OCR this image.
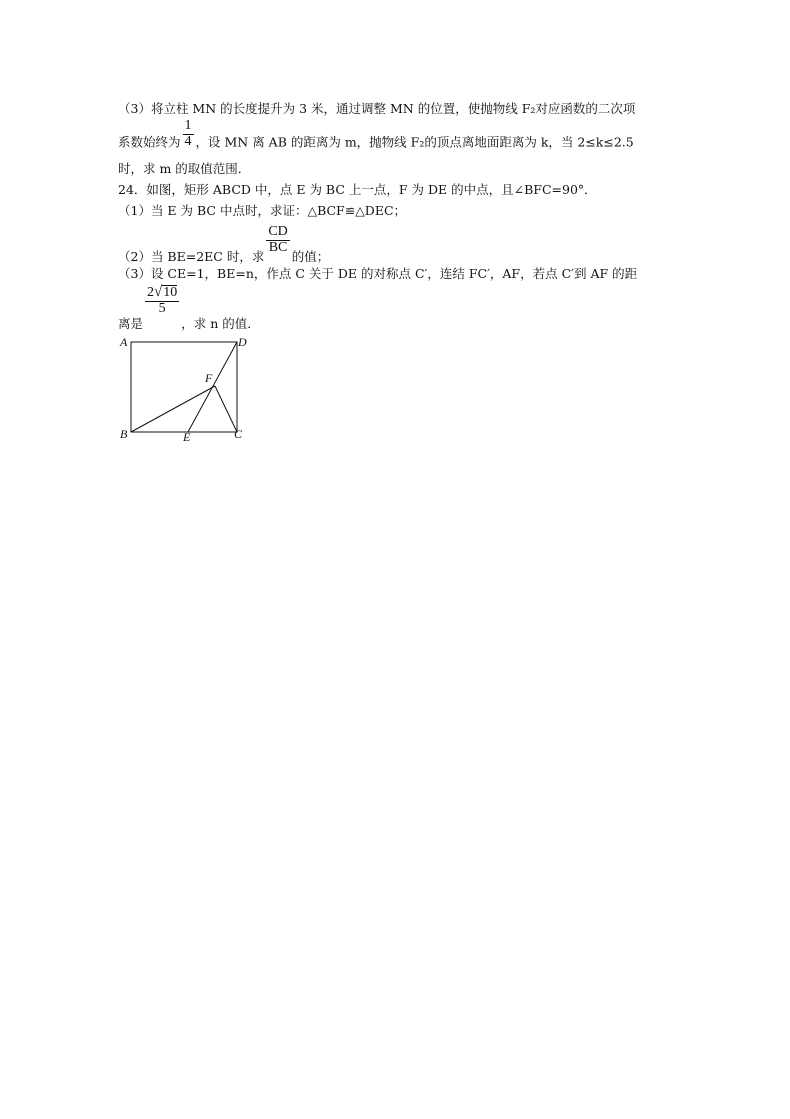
（3）将立柱 MN 的长度提升为 3 米，通过调整 MN 的位置，使抛物线 F₂对应函数的二次项
系数始终为 $\frac{1}{4}$ ，设 MN 离 AB 的距离为 m，抛物线 F₂的顶点离地面距离为 k，当 2≤k≤2.5
时，求 m 的取值范围．
24．如图，矩形 ABCD 中，点 E 为 BC 上一点，F 为 DE 的中点，且∠BFC=90°．
（1）当 E 为 BC 中点时，求证：△BCF≌△DEC；
（2）当 BE=2EC 时，求
$\frac{CD}{BC}$
的值；
（3）设 CE=1，BE=n，作点 C 关于 DE 的对称点 C′，连结 FC′，AF，若点 C′到 AF 的距
离是
$\frac{2√10}{5}$
，求 n 的值．
A	D
F
B	E	C
